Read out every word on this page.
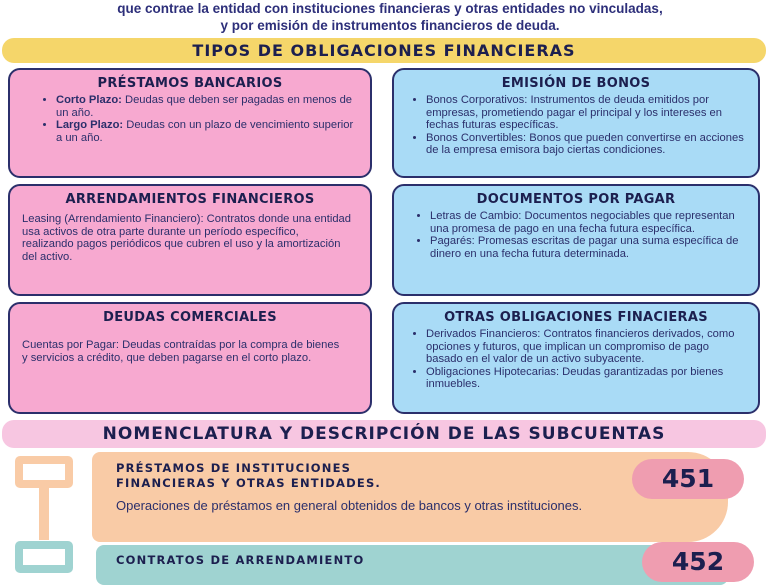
que contrae la entidad con instituciones financieras y otras entidades no vinculadas,
y por emisión de instrumentos financieros de deuda.
TIPOS DE OBLIGACIONES FINANCIERAS
PRÉSTAMOS BANCARIOS
• Corto Plazo: Deudas que deben ser pagadas en menos de un año.
• Largo Plazo: Deudas con un plazo de vencimiento superior a un año.
EMISIÓN DE BONOS
• Bonos Corporativos: Instrumentos de deuda emitidos por empresas, prometiendo pagar el principal y los intereses en fechas futuras específicas.
• Bonos Convertibles: Bonos que pueden convertirse en acciones de la empresa emisora bajo ciertas condiciones.
ARRENDAMIENTOS FINANCIEROS

Leasing (Arrendamiento Financiero): Contratos donde una entidad usa activos de otra parte durante un período específico, realizando pagos periódicos que cubren el uso y la amortización del activo.

DOCUMENTOS POR PAGAR
• Letras de Cambio: Documentos negociables que representan una promesa de pago en una fecha futura específica.
• Pagarés: Promesas escritas de pagar una suma específica de dinero en una fecha futura determinada.
DEUDAS COMERCIALES

Cuentas por Pagar: Deudas contraídas por la compra de bienes y servicios a crédito, que deben pagarse en el corto plazo.

OTRAS OBLIGACIONES FINACIERAS
• Derivados Financieros: Contratos financieros derivados, como opciones y futuros, que implican un compromiso de pago basado en el valor de un activo subyacente.
• Obligaciones Hipotecarias: Deudas garantizadas por bienes inmuebles.
NOMENCLATURA Y DESCRIPCIÓN DE LAS SUBCUENTAS
PRÉSTAMOS DE INSTITUCIONES
FINANCIERAS Y OTRAS ENTIDADES.	451
Operaciones de préstamos en general obtenidos de bancos y otras instituciones.
CONTRATOS DE ARRENDAMIENTO	452
